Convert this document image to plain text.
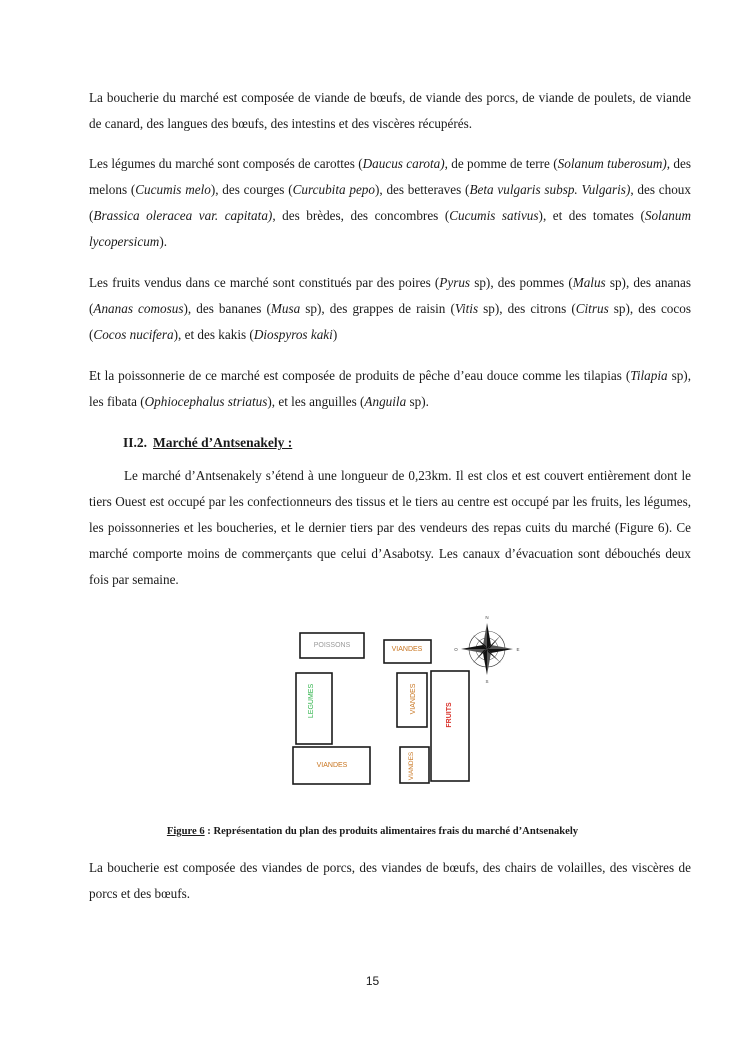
La boucherie du marché est composée de viande de bœufs, de viande des porcs, de viande de poulets, de viande de canard, des langues des bœufs, des intestins et des viscères récupérés.

Les légumes du marché sont composés de carottes (Daucus carota), de pomme de terre (Solanum tuberosum), des melons (Cucumis melo), des courges (Curcubita pepo), des betteraves (Beta vulgaris subsp. Vulgaris), des choux (Brassica oleracea var. capitata), des brèdes, des concombres (Cucumis sativus), et des tomates (Solanum lycopersicum).

Les fruits vendus dans ce marché sont constitués par des poires (Pyrus sp), des pommes (Malus sp), des ananas (Ananas comosus), des bananes (Musa sp), des grappes de raisin (Vitis sp), des citrons (Citrus sp), des cocos (Cocos nucifera), et des kakis (Diospyros kaki)

Et la poissonnerie de ce marché est composée de produits de pêche d’eau douce comme les tilapias (Tilapia sp), les fibata (Ophiocephalus striatus), et les anguilles (Anguila sp).

II.2. Marché d’Antsenakely :

Le marché d’Antsenakely s’étend à une longueur de 0,23km. Il est clos et est couvert entièrement dont le tiers Ouest est occupé par les confectionneurs des tissus et le tiers au centre est occupé par les fruits, les légumes, les poissonneries et les boucheries, et le dernier tiers par des vendeurs des repas cuits du marché (Figure 6). Ce marché comporte moins de commerçants que celui d’Asabotsy. Les canaux d’évacuation sont débouchés deux fois par semaine.

POISSONS
VIANDES
LEGUMES	VIANDES
FRUITS
VIANDES	VIANDES
N
E
S
O
Figure 6 : Représentation du plan des produits alimentaires frais du marché d’Antsenakely

La boucherie est composée des viandes de porcs, des viandes de bœufs, des chairs de volailles, des viscères de porcs et des bœufs.

15
